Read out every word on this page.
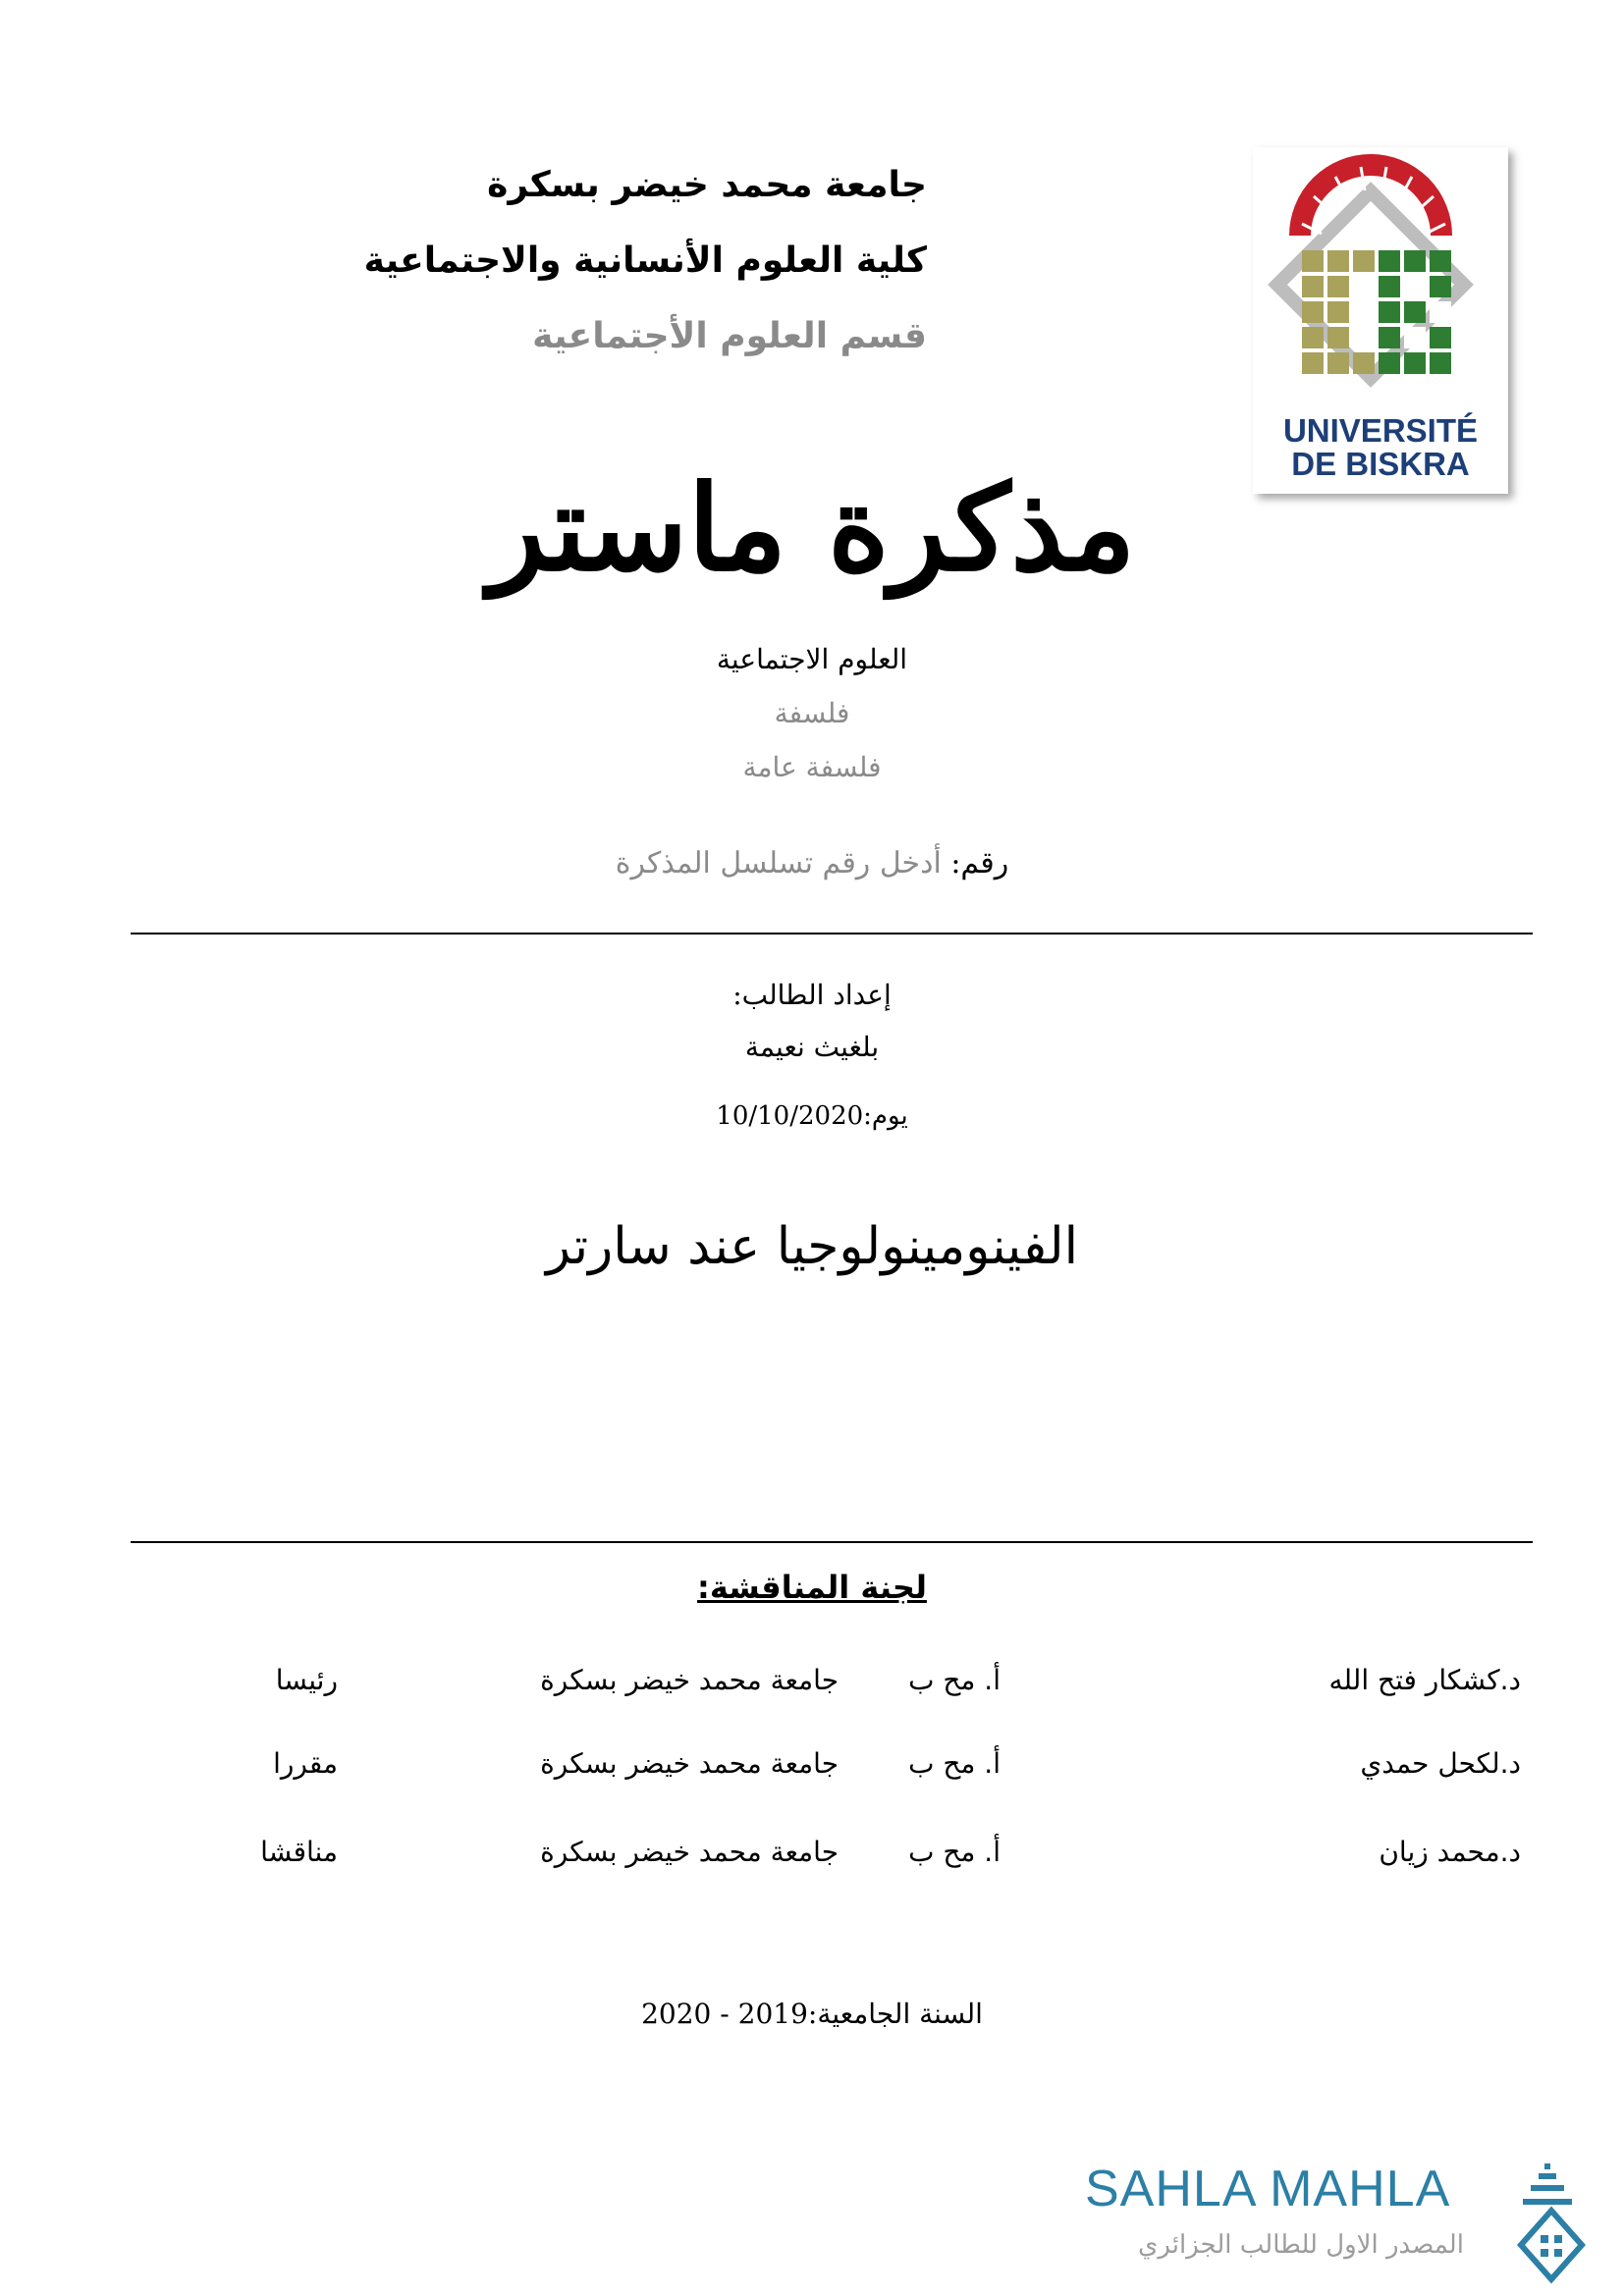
جامعة محمد خيضر بسكرة
كلية العلوم الأنسانية والاجتماعية
قسم العلوم الأجتماعية
UNIVERSITÉ
DE BISKRA
مذكرة ماستر
العلوم الاجتماعية
فلسفة
فلسفة عامة
رقم: أدخل رقم تسلسل المذكرة
إعداد الطالب:
بلغيث نعيمة
يوم:10/10/2020
الفينومينولوجيا عند سارتر
لجنة المناقشة:
د.كشكار فتح الله
أ. مح ب
جامعة محمد خيضر بسكرة
رئيسا
د.لكحل حمدي
أ. مح ب
جامعة محمد خيضر بسكرة
مقررا
د.محمد زيان
أ. مح ب
جامعة محمد خيضر بسكرة
مناقشا
السنة الجامعية:2019 - 2020
SAHLA MAHLA
المصدر الاول للطالب الجزائري
